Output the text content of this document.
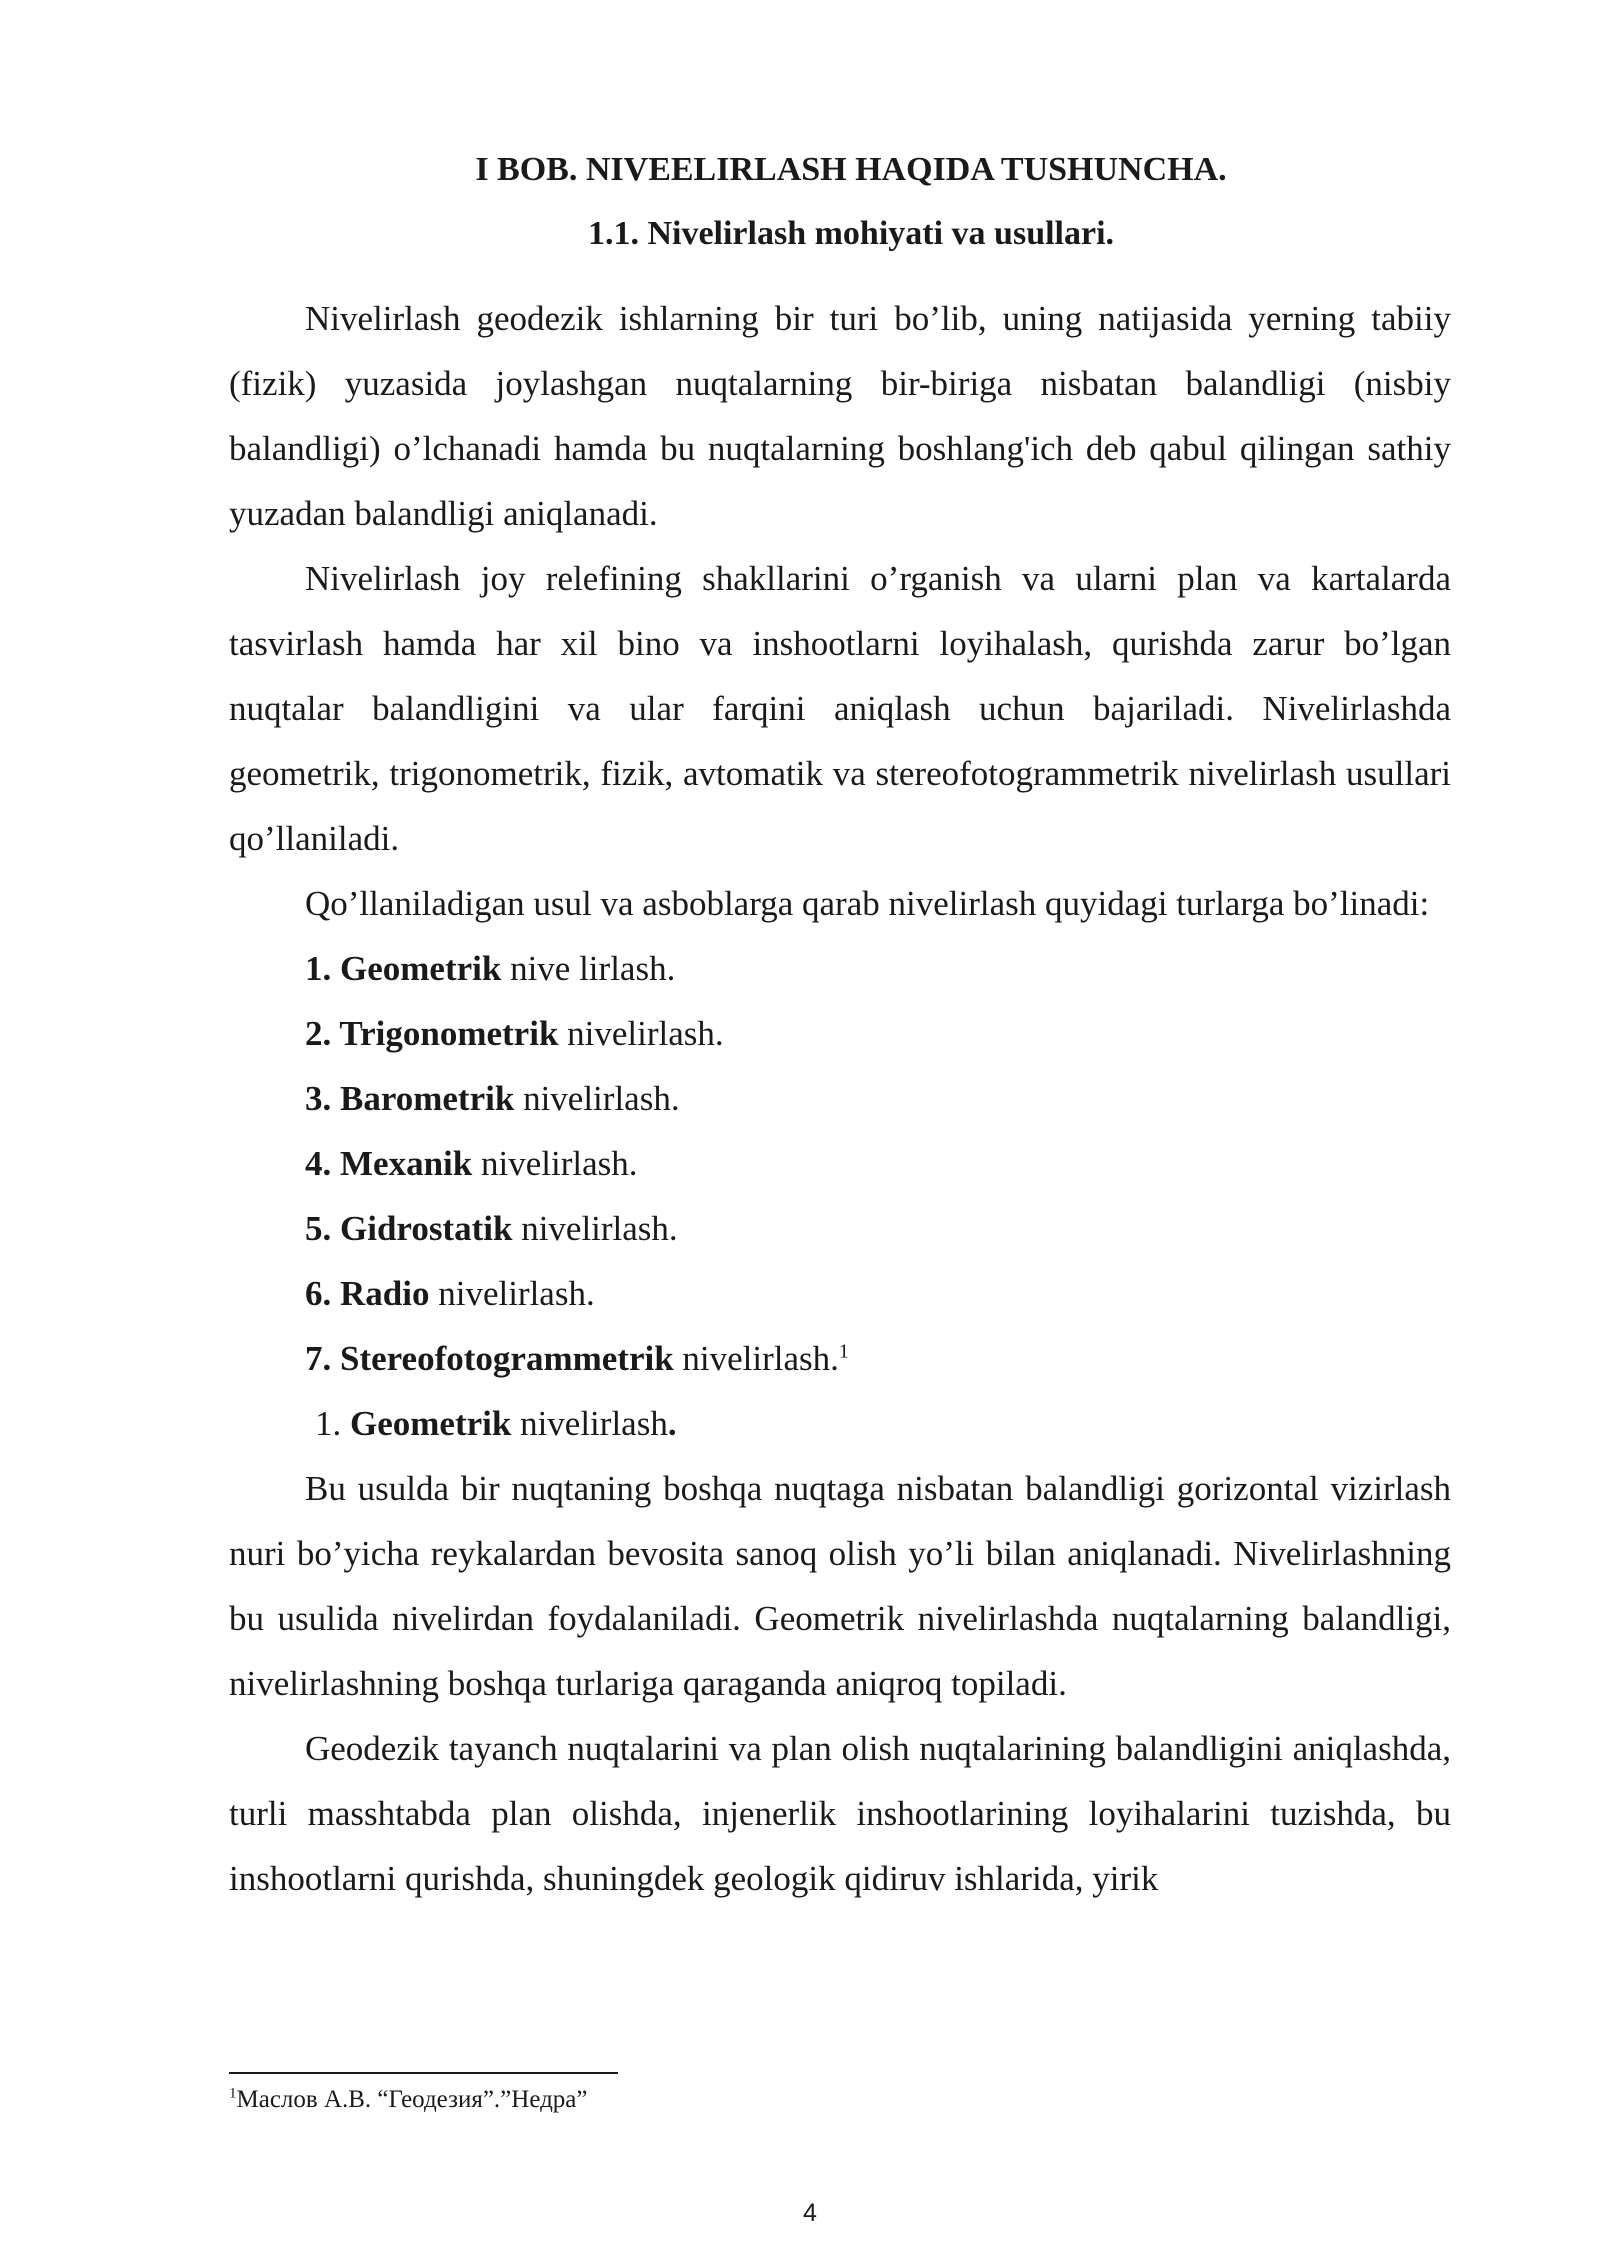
I BOB. NIVEELIRLASH HAQIDA TUSHUNCHA.
1.1. Nivelirlash mohiyati va usullari.

Nivelirlash geodezik ishlarning bir turi bo’lib, uning natijasida yerning tabiiy (fizik) yuzasida joylashgan nuqtalarning bir-biriga nisbatan balandligi (nisbiy balandligi) o’lchanadi hamda bu nuqtalarning boshlang'ich deb qabul qilingan sathiy yuzadan balandligi aniqlanadi.

Nivelirlash joy relefining shakllarini o’rganish va ularni plan va kartalarda tasvirlash hamda har xil bino va inshootlarni loyihalash, qurishda zarur bo’lgan nuqtalar balandligini va ular farqini aniqlash uchun bajariladi. Nivelirlashda geometrik, trigonometrik, fizik, avtomatik va stereofotogrammetrik nivelirlash usullari qo’llaniladi.

Qo’llaniladigan usul va asboblarga qarab nivelirlash quyidagi turlarga bo’linadi:

1. Geometrik nive lirlash.
2. Trigonometrik nivelirlash.
3. Barometrik nivelirlash.
4. Mexanik nivelirlash.
5. Gidrostatik nivelirlash.
6. Radio nivelirlash.
7. Stereofotogrammetrik nivelirlash.$^1$

1. Geometrik nivelirlash.

Bu usulda bir nuqtaning boshqa nuqtaga nisbatan balandligi gorizontal vizirlash nuri bo’yicha reykalardan bevosita sanoq olish yo’li bilan aniqlanadi. Nivelirlashning bu usulida nivelirdan foydalaniladi. Geometrik nivelirlashda nuqtalarning balandligi, nivelirlashning boshqa turlariga qaraganda aniqroq topiladi.

Geodezik tayanch nuqtalarini va plan olish nuqtalarining balandligini aniqlashda, turli masshtabda plan olishda, injenerlik inshootlarining loyihalarini tuzishda, bu inshootlarni qurishda, shuningdek geologik qidiruv ishlarida, yirik

$^1$Маслов А.В. “Геодезия”.”Недра”
4
